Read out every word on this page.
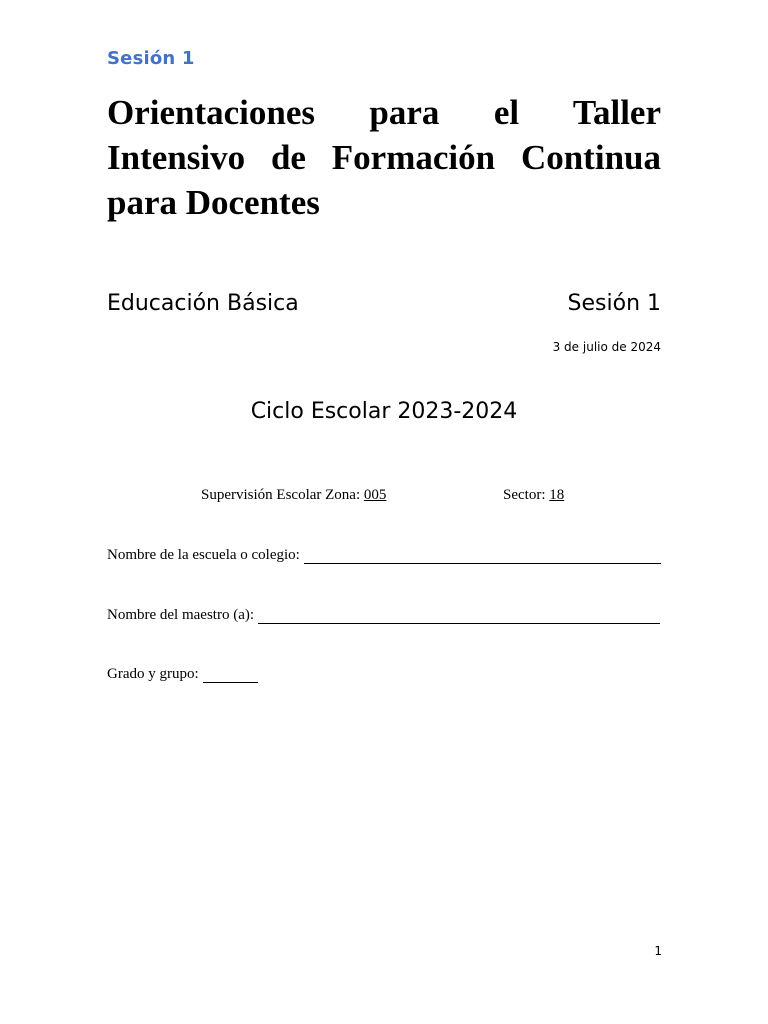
Sesión 1
Orientaciones para el Taller Intensivo de Formación Continua para Docentes
Educación Básica	Sesión 1
3 de julio de 2024
Ciclo Escolar 2023-2024
Supervisión Escolar Zona: 005	Sector: 18
Nombre de la escuela o colegio:
Nombre del maestro (a):
Grado y grupo:
1
